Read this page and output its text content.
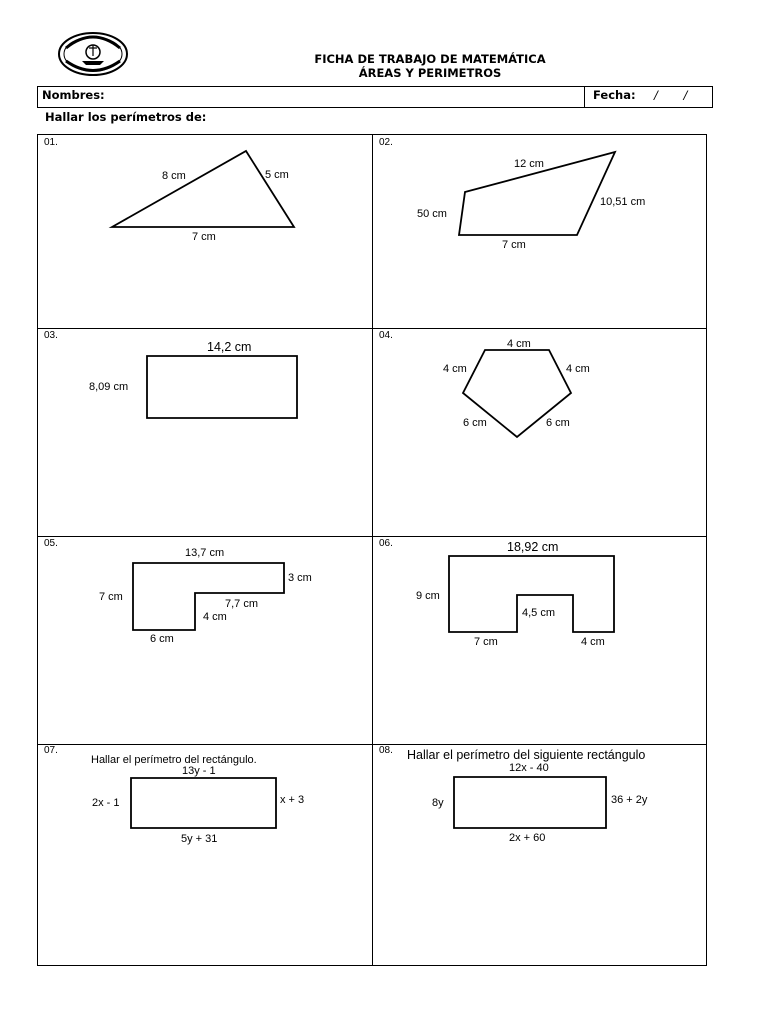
FICHA DE TRABAJO DE MATEMÁTICA
ÁREAS Y PERIMETROS
Nombres:	Fecha: /       /
Hallar los perímetros de:
01.	02.
03.	04.
05.	06.
07.	08.
8 cm	5 cm
7 cm
12 cm
10,51 cm
50 cm
7 cm
14,2 cm
8,09 cm
4 cm
4 cm	4 cm
6 cm	6 cm
13,7 cm
3 cm
7 cm
7,7 cm
4 cm
6 cm
18,92 cm
9 cm
4,5 cm
7 cm	4 cm
Hallar el perímetro del rectángulo.
13y - 1
2x - 1	x + 3
5y + 31
Hallar el perímetro del siguiente rectángulo
12x - 40
8y	36 + 2y
2x + 60
